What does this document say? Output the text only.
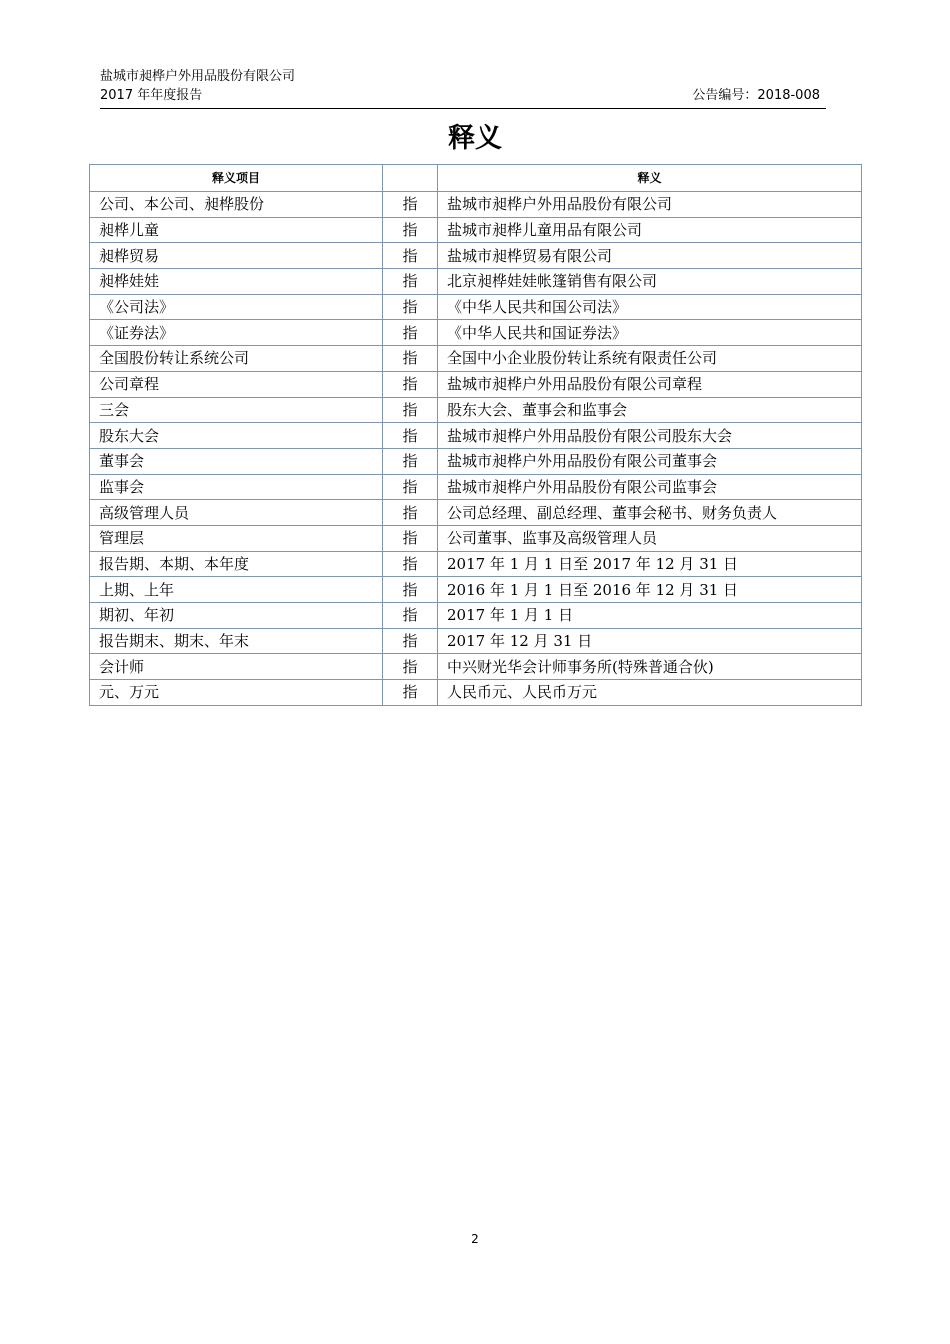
盐城市昶桦户外用品股份有限公司
2017 年年度报告	公告编号：2018-008
释义
释义项目		释义
公司、本公司、昶桦股份	指	盐城市昶桦户外用品股份有限公司
昶桦儿童	指	盐城市昶桦儿童用品有限公司
昶桦贸易	指	盐城市昶桦贸易有限公司
昶桦娃娃	指	北京昶桦娃娃帐篷销售有限公司
《公司法》	指	《中华人民共和国公司法》
《证券法》	指	《中华人民共和国证券法》
全国股份转让系统公司	指	全国中小企业股份转让系统有限责任公司
公司章程	指	盐城市昶桦户外用品股份有限公司章程
三会	指	股东大会、董事会和监事会
股东大会	指	盐城市昶桦户外用品股份有限公司股东大会
董事会	指	盐城市昶桦户外用品股份有限公司董事会
监事会	指	盐城市昶桦户外用品股份有限公司监事会
高级管理人员	指	公司总经理、副总经理、董事会秘书、财务负责人
管理层	指	公司董事、监事及高级管理人员
报告期、本期、本年度	指	2017 年 1 月 1 日至 2017 年 12 月 31 日
上期、上年	指	2016 年 1 月 1 日至 2016 年 12 月 31 日
期初、年初	指	2017 年 1 月 1 日
报告期末、期末、年末	指	2017 年 12 月 31 日
会计师	指	中兴财光华会计师事务所(特殊普通合伙)
元、万元	指	人民币元、人民币万元
2
